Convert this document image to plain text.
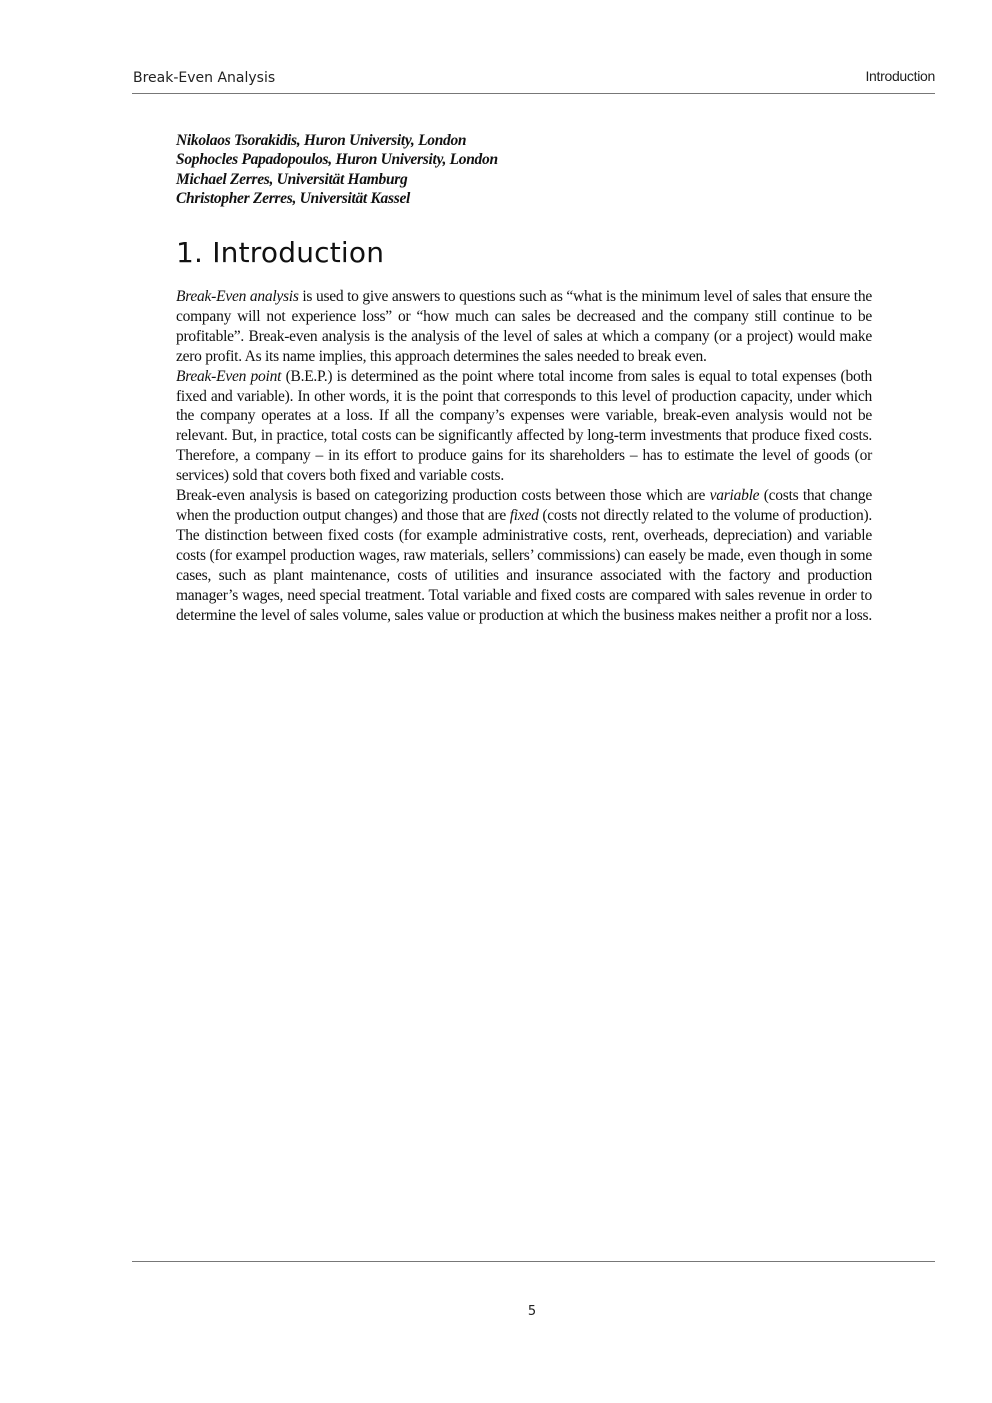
Break-Even Analysis	Introduction
Nikolaos Tsorakidis, Huron University, London
Sophocles Papadopoulos, Huron University, London
Michael Zerres, Universität Hamburg
Christopher Zerres, Universität Kassel
1. Introduction

Break-Even analysis is used to give answers to questions such as “what is the minimum level of sales that ensure the company will not experience loss” or “how much can sales be decreased and the company still continue to be profitable”. Break-even analysis is the analysis of the level of sales at which a company (or a project) would make zero profit. As its name implies, this approach determines the sales needed to break even.

Break-Even point (B.E.P.) is determined as the point where total income from sales is equal to total expenses (both fixed and variable). In other words, it is the point that corresponds to this level of production capacity, under which the company operates at a loss. If all the company’s expenses were variable, break-even analysis would not be relevant. But, in practice, total costs can be significantly affected by long-term investments that produce fixed costs. Therefore, a company – in its effort to produce gains for its shareholders – has to estimate the level of goods (or services) sold that covers both fixed and variable costs.

Break-even analysis is based on categorizing production costs between those which are variable (costs that change when the production output changes) and those that are fixed (costs not directly related to the volume of production). The distinction between fixed costs (for example administrative costs, rent, overheads, depreciation) and variable costs (for exampel production wages, raw materials, sellers’ commissions) can easely be made, even though in some cases, such as plant maintenance, costs of utilities and insurance associated with the factory and production manager’s wages, need special treatment. Total variable and fixed costs are compared with sales revenue in order to determine the level of sales volume, sales value or production at which the business makes neither a profit nor a loss.

5
